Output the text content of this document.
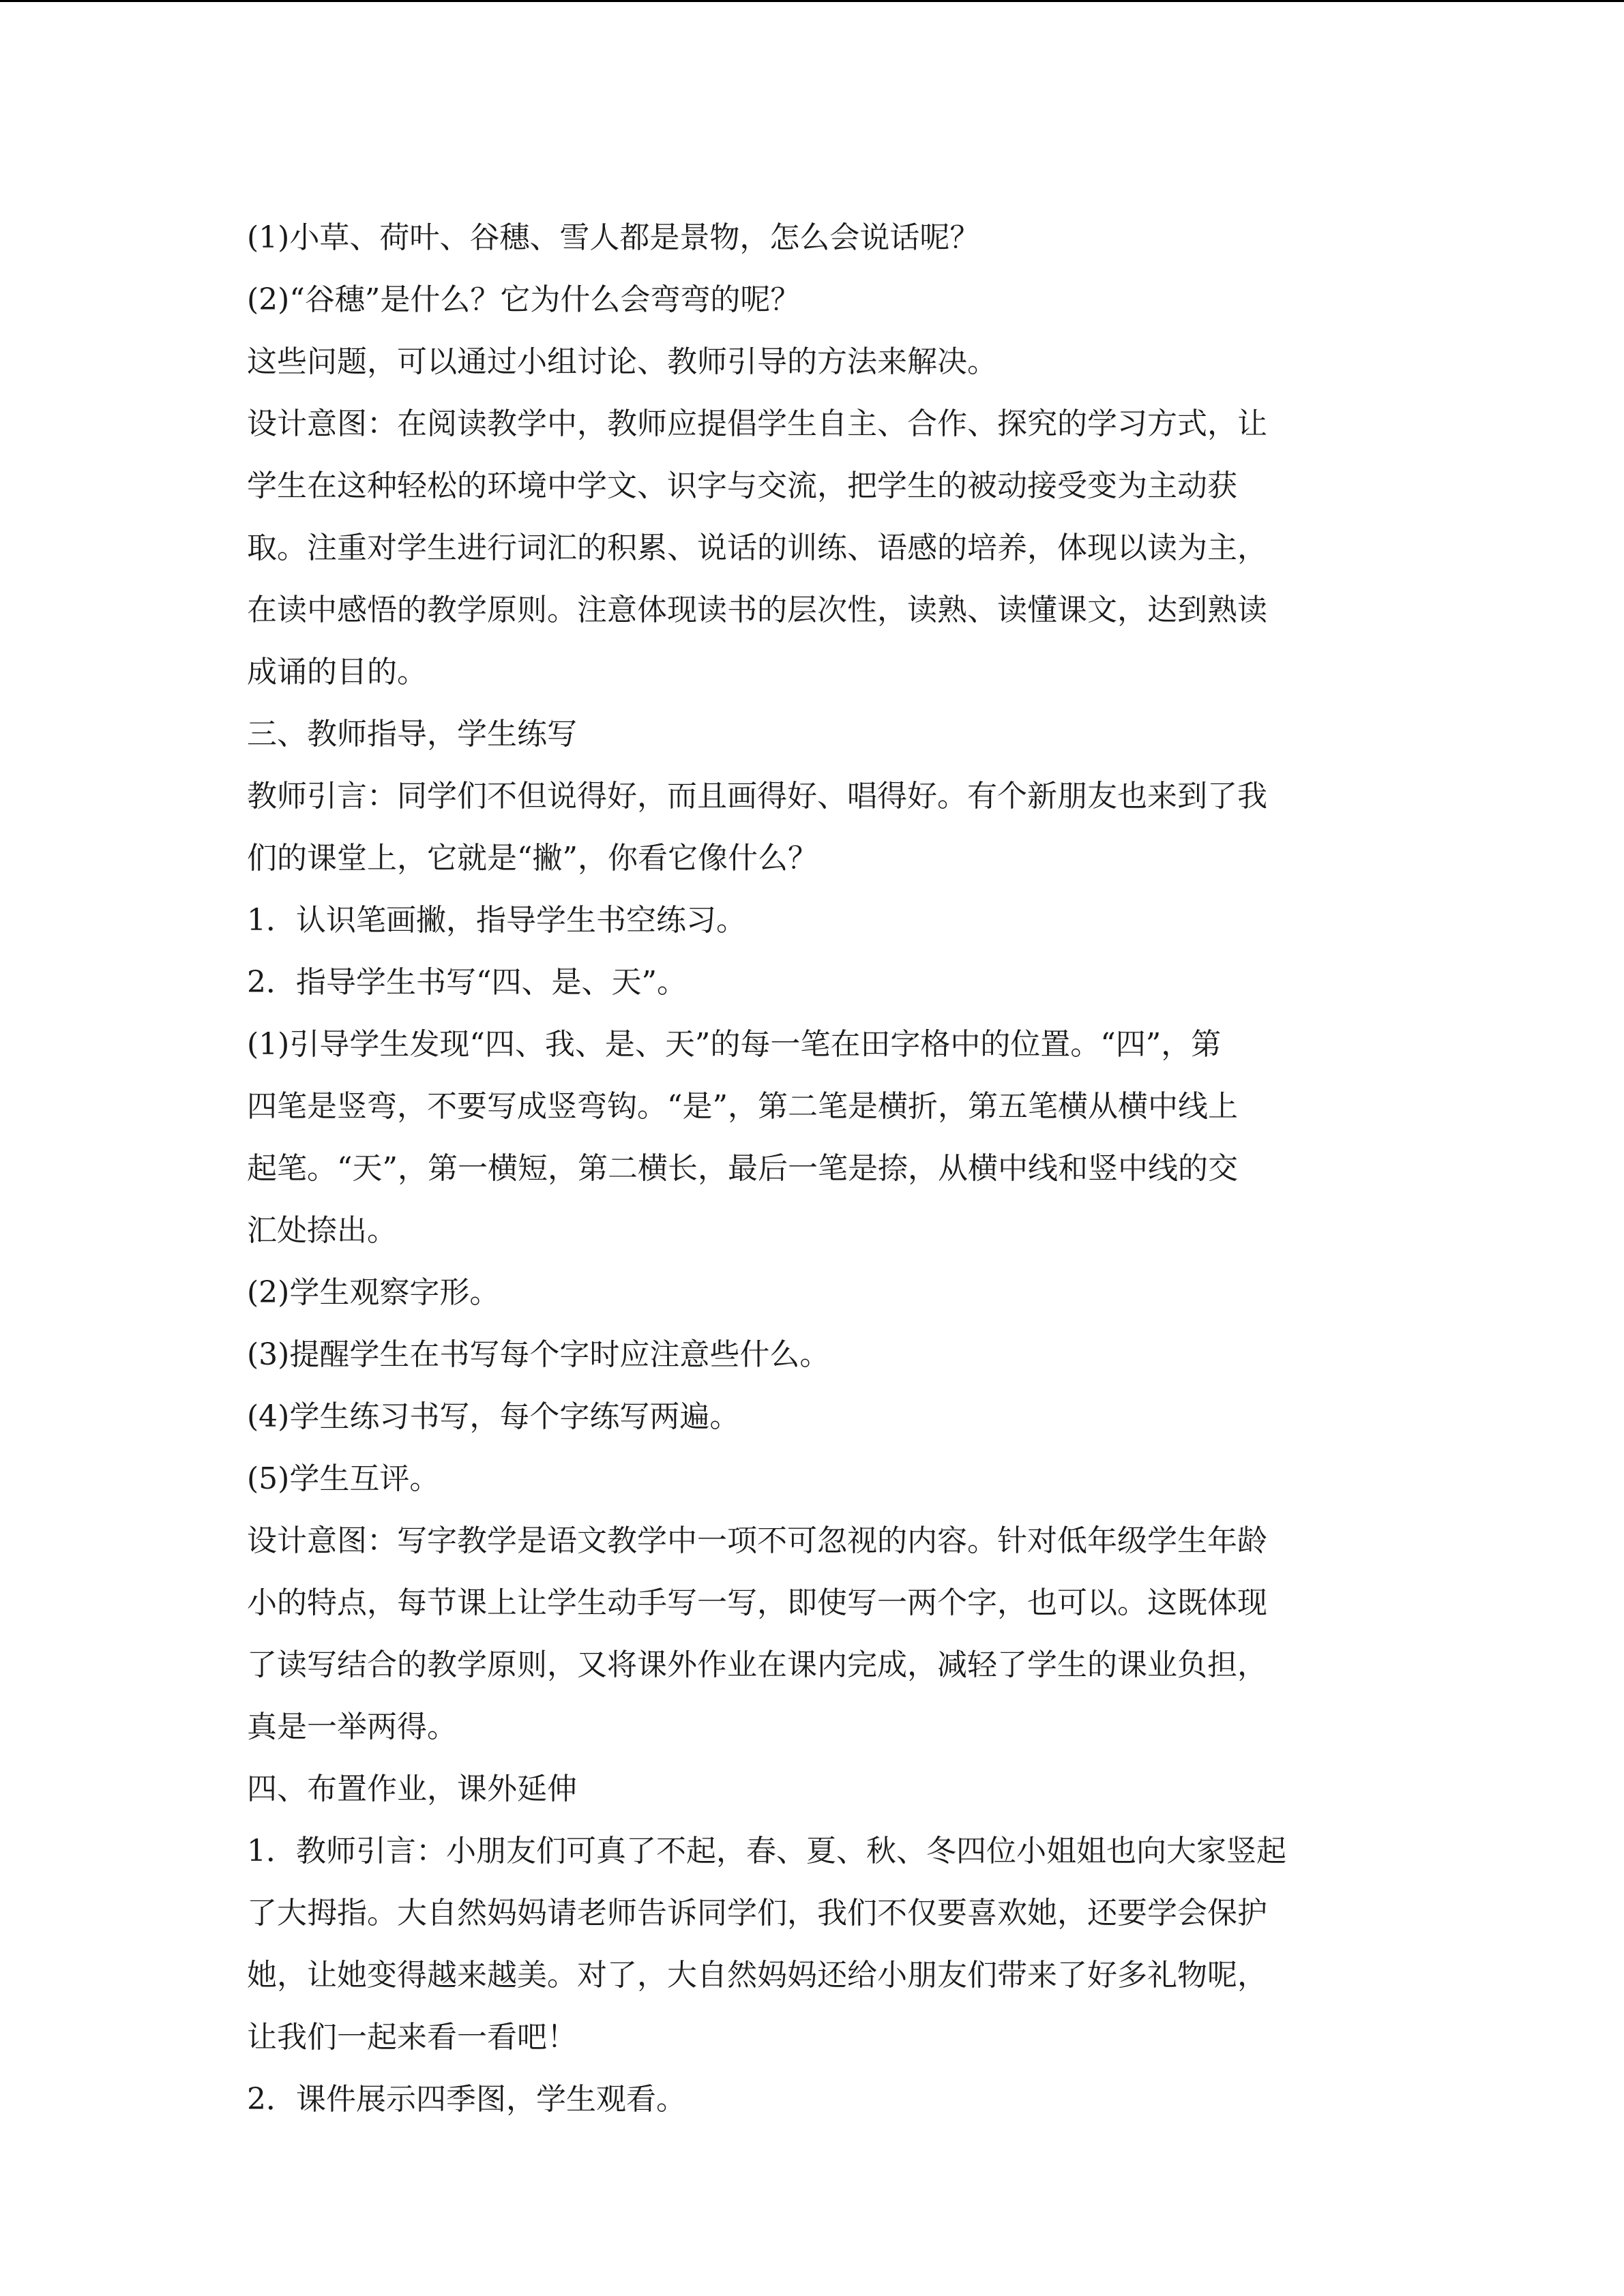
(1)小草、荷叶、谷穗、雪人都是景物，怎么会说话呢？

(2)“谷穗”是什么？它为什么会弯弯的呢？

这些问题，可以通过小组讨论、教师引导的方法来解决。

设计意图：在阅读教学中，教师应提倡学生自主、合作、探究的学习方式，让

学生在这种轻松的环境中学文、识字与交流，把学生的被动接受变为主动获

取。注重对学生进行词汇的积累、说话的训练、语感的培养，体现以读为主，

在读中感悟的教学原则。注意体现读书的层次性，读熟、读懂课文，达到熟读

成诵的目的。

三、教师指导，学生练写

教师引言：同学们不但说得好，而且画得好、唱得好。有个新朋友也来到了我

们的课堂上，它就是“撇”，你看它像什么？

1．认识笔画撇，指导学生书空练习。

2．指导学生书写“四、是、天”。

(1)引导学生发现“四、我、是、天”的每一笔在田字格中的位置。“四”，第

四笔是竖弯，不要写成竖弯钩。“是”，第二笔是横折，第五笔横从横中线上

起笔。“天”，第一横短，第二横长，最后一笔是捺，从横中线和竖中线的交

汇处捺出。

(2)学生观察字形。

(3)提醒学生在书写每个字时应注意些什么。

(4)学生练习书写，每个字练写两遍。

(5)学生互评。

设计意图：写字教学是语文教学中一项不可忽视的内容。针对低年级学生年龄

小的特点，每节课上让学生动手写一写，即使写一两个字，也可以。这既体现

了读写结合的教学原则，又将课外作业在课内完成，减轻了学生的课业负担，

真是一举两得。

四、布置作业，课外延伸

1．教师引言：小朋友们可真了不起，春、夏、秋、冬四位小姐姐也向大家竖起

了大拇指。大自然妈妈请老师告诉同学们，我们不仅要喜欢她，还要学会保护

她，让她变得越来越美。对了，大自然妈妈还给小朋友们带来了好多礼物呢，

让我们一起来看一看吧！

2．课件展示四季图，学生观看。
